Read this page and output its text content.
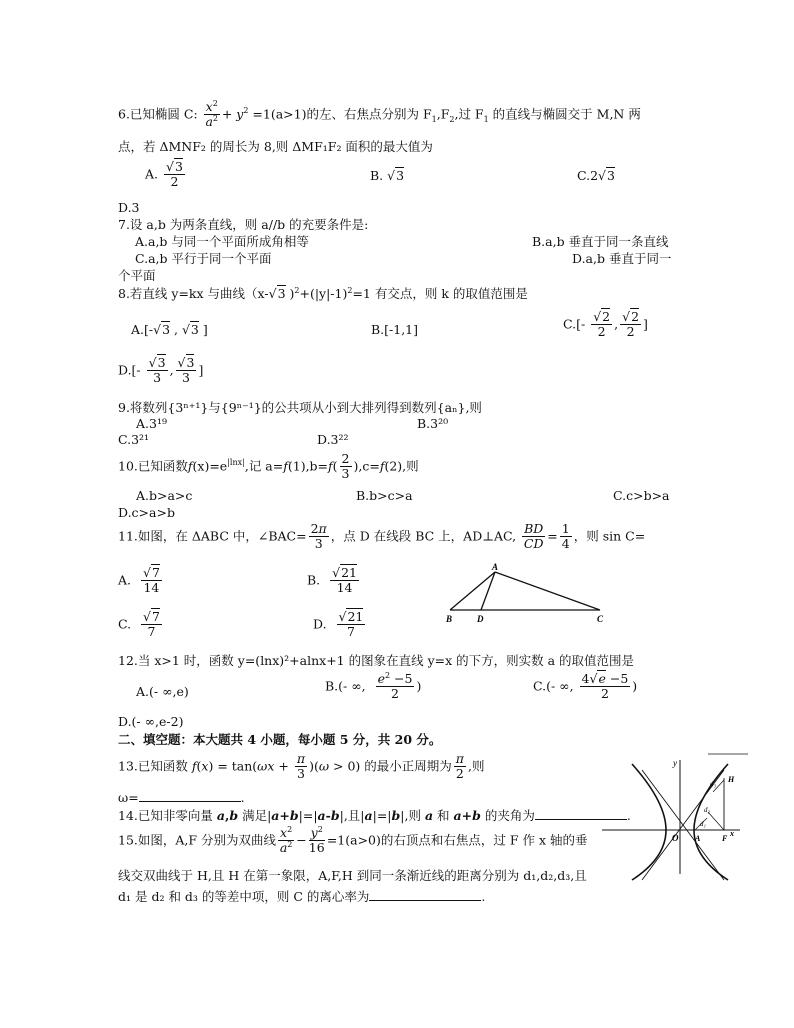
6.已知椭圆 C: $\frac{x^2}{a^2} + y^2 =1(a>1)$的左、右焦点分别为 $F_1,F_2$,过 $F_1$ 的直线与椭圆交于 M,N 两
点，若 ΔMNF₂ 的周长为 8,则 ΔMF₁F₂ 面积的最大值为
A. √ $\frac{3}{2}$	B. √ 3	C.2 √ 3
D.3
7.设 a,b 为两条直线，则 a//b 的充要条件是:
A.a,b 与同一个平面所成角相等	B.a,b 垂直于同一条直线
C.a,b 平行于同一个平面	D.a,b 垂直于同一
个平面
8.若直线 y=kx 与曲线（x- √ 3 )$^2+(|y|-1)^2=1$ 有交点，则 k 的取值范围是
A.[- √ 3 , √ 3 ]	B.[-1,1]	C.[- √ $\frac{2}{2}$ , √ $\frac{2}{2}$ ]
D.[- √ $\frac{3}{3}$ , √ $\frac{3}{3}$ ]
9.将数列{3ⁿ⁺¹}与{9ⁿ⁻¹}的公共项从小到大排列得到数列{aₙ},则
A.3¹⁹	B.3²⁰
C.3²¹	D.3²²
10.已知函数$f(x)=e^{|lnx|}$,记 $a=f(1),b=f( \frac{2}{3} ),c=f(2)$,则
A.b>a>c	B.b>c>a	C.c>b>a
D.c>a>b
11.如图，在 ΔABC 中，∠BAC= $\frac{2\pi}{3}$ ，点 D 在线段 BC 上，AD⊥AC, $\frac{BD}{CD} = \frac{1}{4}$ ，则 sin C=
A. √ $\frac{7}{14}$	B. √ $\frac{21}{14}$
C. √ $\frac{7}{7}$	D. √ $\frac{21}{7}$
A
B	D	C
12.当 x>1 时，函数 y=(lnx)²+alnx+1 的图象在直线 y=x 的下方，则实数 a 的取值范围是
A.(- ∞,e)	B.(- ∞, $\frac{e^2 -5}{2}$ )	C.(- ∞, $\frac{4 √ e -5}{2}$ )
D.(- ∞,e-2)
二、填空题：本大题共 4 小题，每小题 5 分，共 20 分。
13.已知函数 $f(x) = \tan(\omega x + \frac{\pi}{3} )(\omega > 0)$ 的最小正周期为 $\frac{\pi}{2}$ ,则
ω=	.
14.已知非零向量 a,b 满足|a+b|=|a-b|,且|a|=|b|,则 a 和 a+b 的夹角为	.
15.如图，A,F 分别为双曲线 $\frac{x^2}{a^2} - \frac{y^2}{16} =1(a>0)$的右顶点和右焦点，过 F 作 x 轴的垂
线交双曲线于 H,且 H 在第一象限，A,F,H 到同一条渐近线的距离分别为 d₁,d₂,d₃,且
d₁ 是 d₂ 和 d₃ 的等差中项，则 C 的离心率为	.
y
O A	F
x
H
d₁
d₂
d₃
